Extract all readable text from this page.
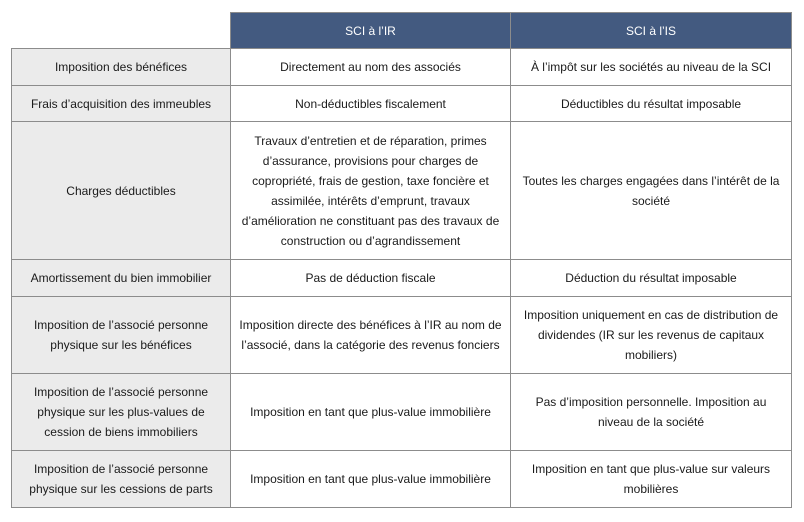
	SCI à l’IR	SCI à l’IS
Imposition des bénéfices	Directement au nom des associés	À l’impôt sur les sociétés au niveau de la SCI
Frais d’acquisition des immeubles	Non-déductibles fiscalement	Déductibles du résultat imposable
Charges déductibles	Travaux d’entretien et de réparation, primes d’assurance, provisions pour charges de copropriété, frais de gestion, taxe foncière et assimilée, intérêts d’emprunt, travaux d’amélioration ne constituant pas des travaux de construction ou d’agrandissement	Toutes les charges engagées dans l’intérêt de la société
Amortissement du bien immobilier	Pas de déduction fiscale	Déduction du résultat imposable
Imposition de l’associé personne physique sur les bénéfices	Imposition directe des bénéfices à l’IR au nom de l’associé, dans la catégorie des revenus fonciers	Imposition uniquement en cas de distribution de dividendes (IR sur les revenus de capitaux mobiliers)
Imposition de l’associé personne physique sur les plus-values de cession de biens immobiliers	Imposition en tant que plus-value immobilière	Pas d’imposition personnelle. Imposition au niveau de la société
Imposition de l’associé personne physique sur les cessions de parts	Imposition en tant que plus-value immobilière	Imposition en tant que plus-value sur valeurs mobilières
